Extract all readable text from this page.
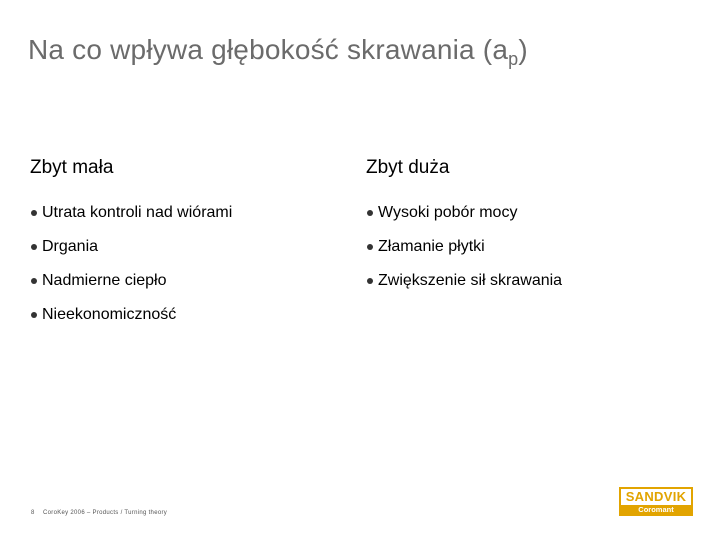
Na co wpływa głębokość skrawania $(a_p)$
Zbyt mała
Utrata kontroli nad wiórami
Drgania
Nadmierne ciepło
Nieekonomiczność
Zbyt duża
Wysoki pobór mocy
Złamanie płytki
Zwiększenie sił skrawania
8 CoroKey 2006 – Products / Turning theory
SANDVIK
Coromant
